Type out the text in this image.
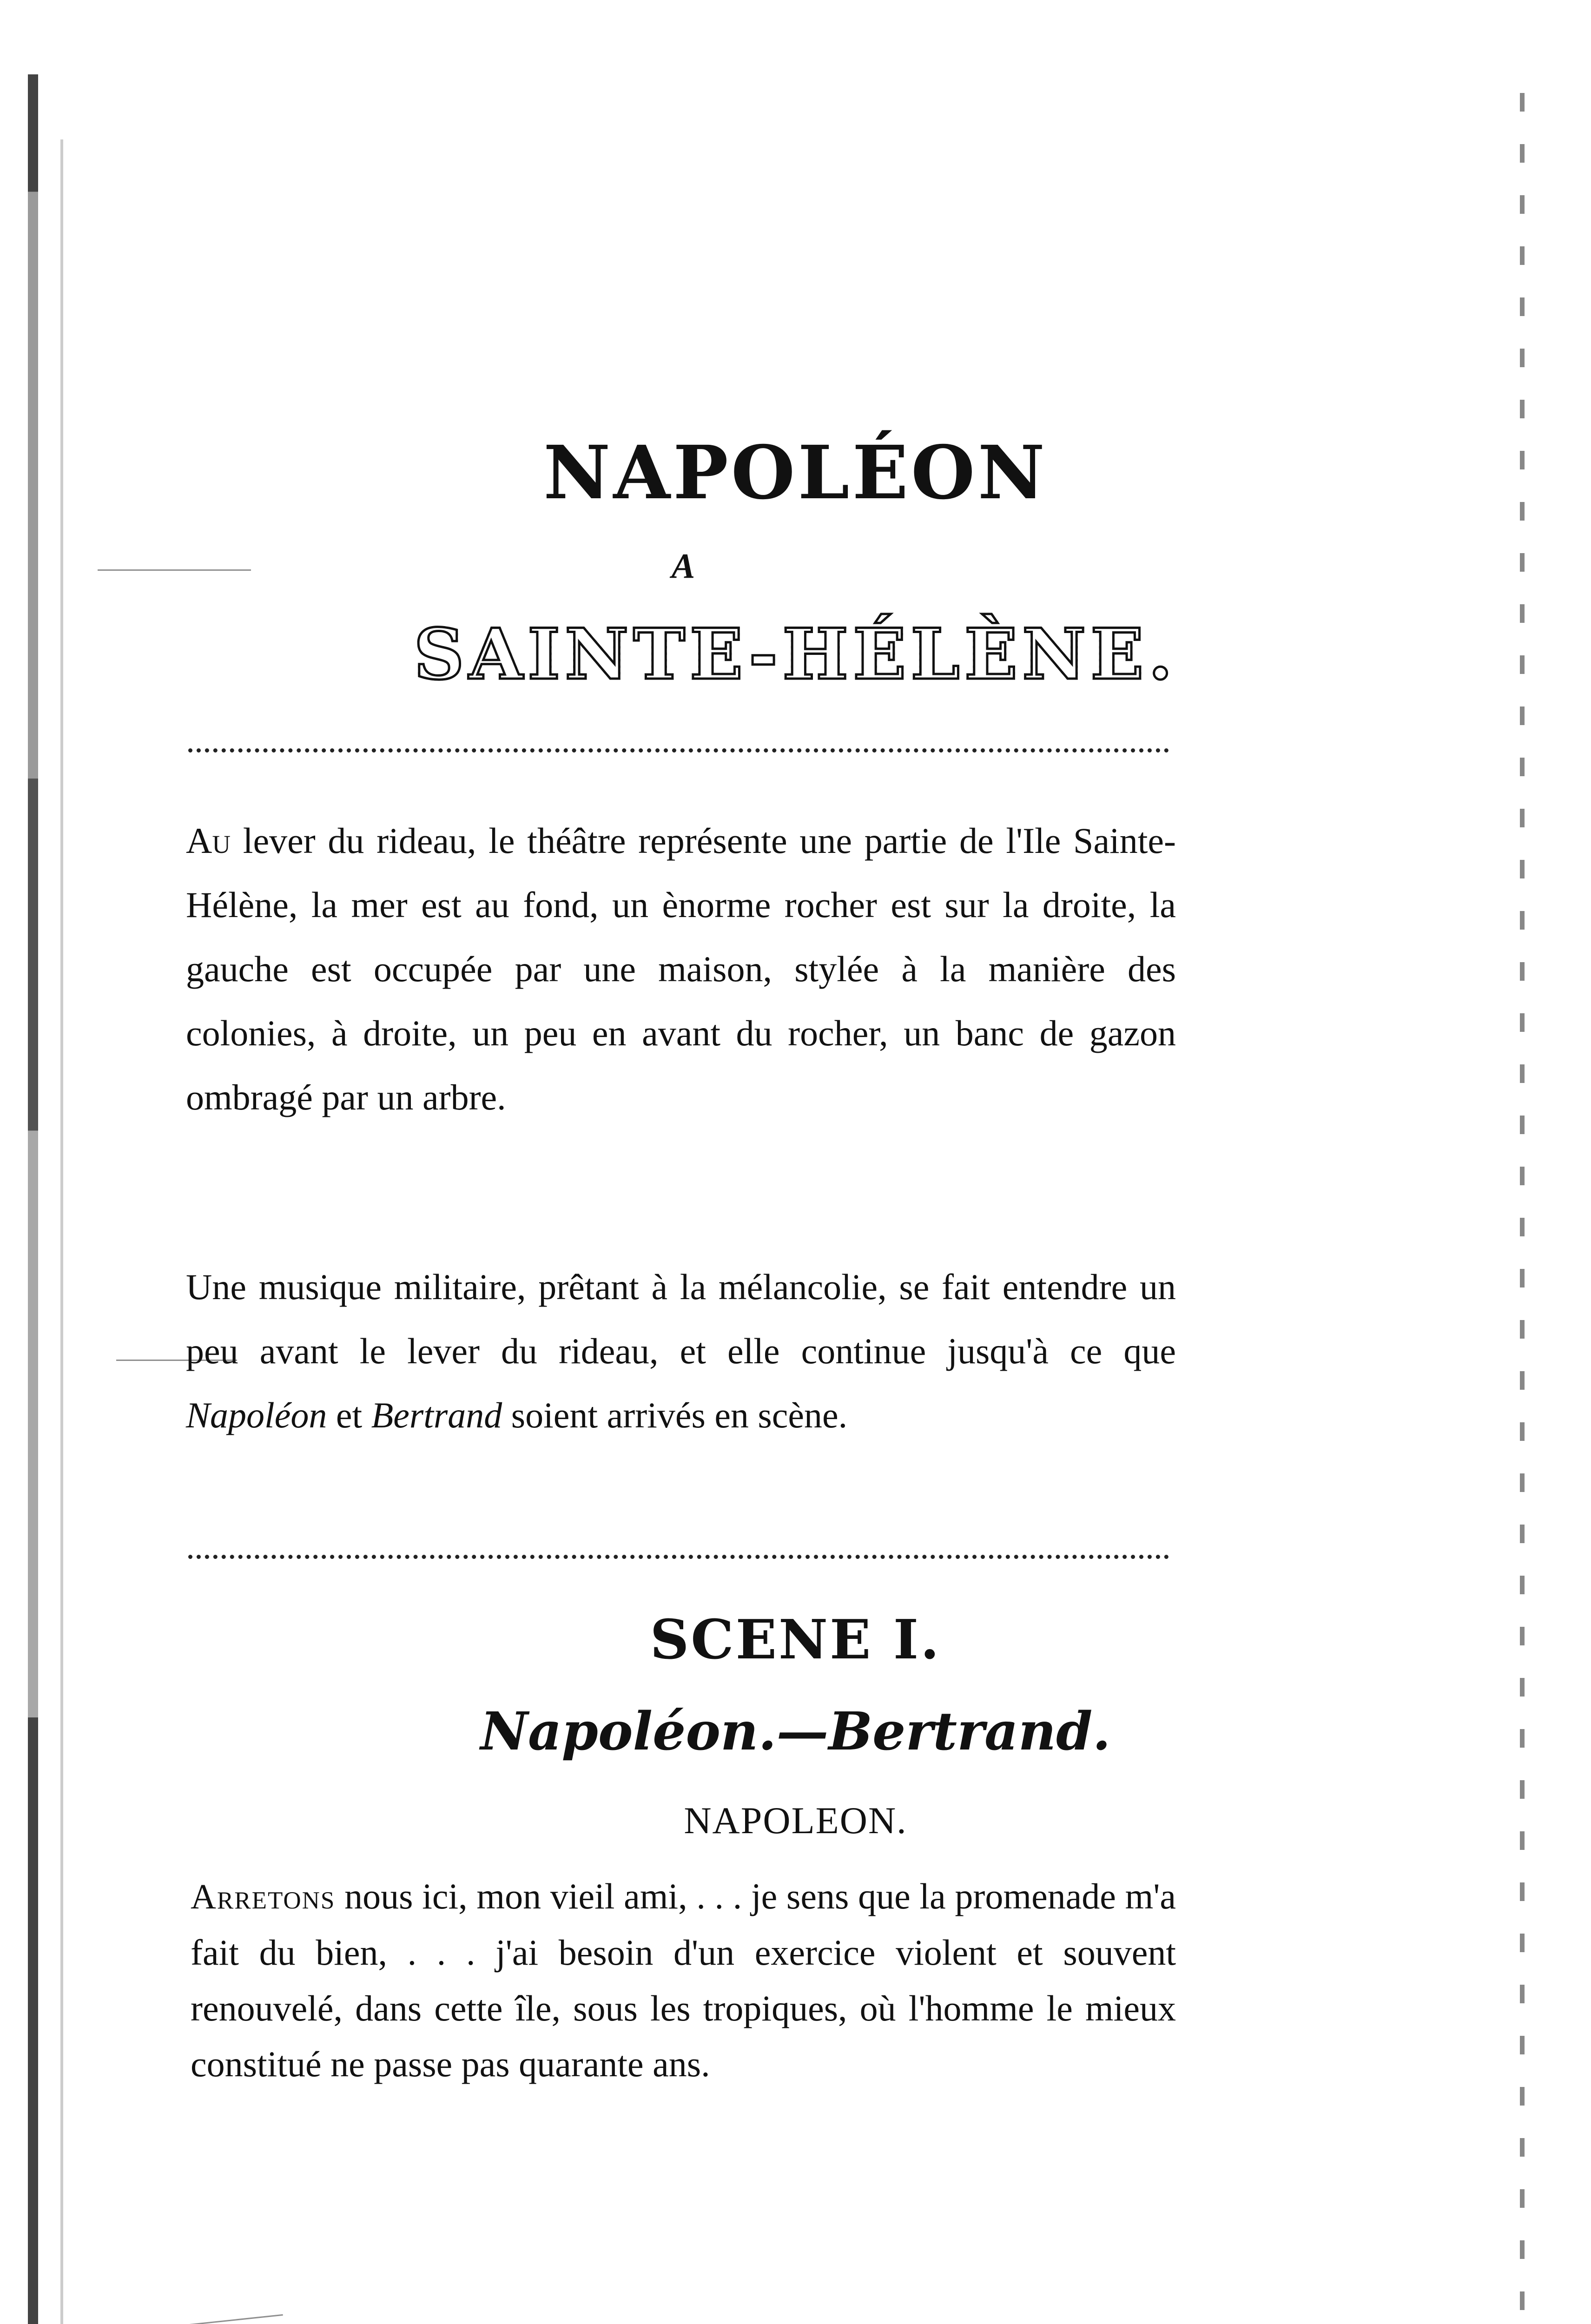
NAPOLÉON
A
SAINTE-HÉLÈNE.

Au lever du rideau, le théâtre représente une partie de l'Ile Sainte-Hélène, la mer est au fond, un ènorme rocher est sur la droite, la gauche est occupée par une maison, stylée à la manière des colonies, à droite, un peu en avant du rocher, un banc de gazon ombragé par un arbre.

Une musique militaire, prêtant à la mélancolie, se fait entendre un peu avant le lever du rideau, et elle continue jusqu'à ce que Napoléon et Bertrand soient arrivés en scène.

SCENE I.
Napoléon.—Bertrand.
NAPOLEON.

Arretons nous ici, mon vieil ami, . . . je sens que la promenade m'a fait du bien, . . . j'ai besoin d'un exercice violent et souvent renouvelé, dans cette île, sous les tropiques, où l'homme le mieux constitué ne passe pas quarante ans.
